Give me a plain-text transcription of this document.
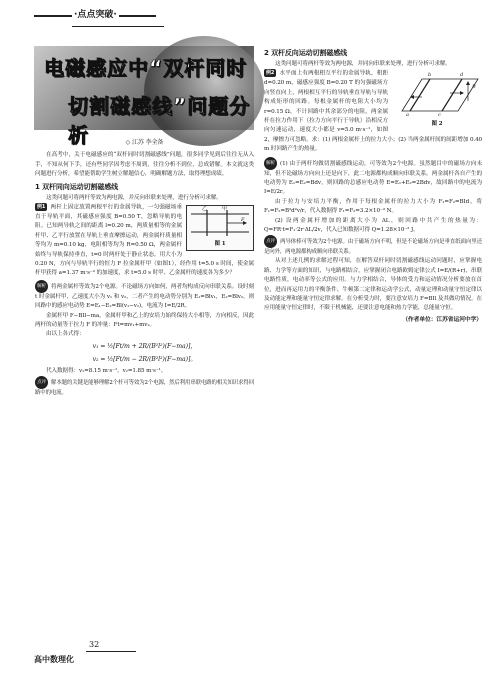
·点点突破·
电磁感应中“双杆同时
切割磁感线”问题分析	◇ 江苏 李全备

在高考中，关于电磁感应的“双杆同时切割磁感线”问题，很多同学见到后往往无从入手，不知从何下手，还有些同学因考虑不周到，往往分析不到位，总成错解。本文就这类问题进行分析，希望能帮助学生树立解题信心，明确解题方法，取得理想成绩。

1 双杆同向运动切割磁感线

这类问题可将两杆等效为两电源，并反向串联来处理，进行分析可求解。

乙	甲
F
图 1

例1 两杆上固定放置两根平行的金属导轨，一匀强磁场垂直于导轨平面，其磁感应强度 B=0.50 T，忽略导轨的电阻。已知两导轨之间的距离 l=0.20 m，两质量相等的金属杆甲、乙平行放置在导轨上垂直摩擦运动，两金属杆质量相等均为 m=0.10 kg，电阻相等均为 R=0.50 Ω，两金属杆始终与导轨保持垂直，t=0 时两杆处于静止状态。用大小为 0.20 N，方向与导轨平行的恒力 F 拉金属杆甲（如图1），经作用 t=5.0 s 时间，使金属杆甲获得 a=1.37 m·s⁻² 的加速度，求 t=5.0 s 时甲、乙金属杆的速度各为多少？

解析 将两金属杆等效为2个电源。不论磁场方向如何，两者均构成反向串联关系。设时刻 t 时金属杆甲、乙速度大小为 v₁ 和 v₂，二者产生的电动势分别为 E₁=Blv₁，E₂=Blv₂，则回路中的感应电动势 E=E₁−E₂=Bl(v₁−v₂)，电流为 I=E/2R。

金属杆甲 F−BIl−ma，金属杆甲和乙上的安培力始终保持大小相等，方向相反，因此两杆的动量等于拉力 F 的冲量：Ft=mv₁+mv₂。

由以上各式得：

v₁ = ½[Ft/m + 2R/(B²l²)(F−ma)]，
v₂ = ½[Ft/m − 2R/(B²l²)(F−ma)]。

代入数据得：v₁=8.15 m·s⁻¹，v₂=1.85 m·s⁻¹。

点评 解本题的关键是能够理解2个杆可等效为2个电源，然后利用串联电路的相关知识求得回路中的电流。

高中数理化
32
2 双杆反向运动切割磁感线

这类问题可将两杆等效为两电源，并同向串联来处理，进行分析可求解。

b	d
B
a	c
图 2

例2 水平面上有两根相互平行的金属导轨，相距 d=0.20 m，磁感应强度 B=0.20 T 的匀强磁场方向竖直向上，两根相互平行的导轨垂直导轨与导轨构成矩形的回路。每根金属杆的电阻大小均为 r=0.15 Ω，不计回路中其余部分的电阻，两金属杆在拉力作用下（拉力方向平行于导轨）沿相反方向匀速运动，速度大小都是 v=5.0 m·s⁻¹，如图2，摩擦力可忽略。求：(1) 两根金属杆上的拉力大小；(2) 当两金属杆间的间距增加 0.40 m 时回路产生的热量。

解析 (1) 由于两杆均做切割磁感线运动，可等效为2个电源。虽然题目中的磁场方向未知，但不论磁场方向向上还是向下，此二电源都构成顺向串联关系。两金属杆各自产生的电动势为 E₁=E₂=Bdv，则回路的总感应电动势 E=E₁+E₂=2Bdv，故回路中的电流为 I=E/2r。

由于拉力与安培力平衡，作用于每根金属杆的拉力大小为 F₁=F₂=BId，将 F₁=F₂=B²d²v/r，代入数据得 F₁=F₂=3.2×10⁻² N。

(2) 设两金属杆增加的距离大小为 ΔL，则回路中共产生的热量为：Q=FR·t=F₁·2r·ΔL/2v，代入已知数据可得 Q=1.28×10⁻² J。

点评 两导体棒可等效为2个电源。由于磁场方向不明，但是不论磁场方向是垂直纸面向里还是向外，两电源都构成顺向串联关系。

从对上述几例的求解过程可知，在解答双杆同时切割磁感线运动问题时，应掌握电路、力学等方面的知识，与电路相结合，应掌握闭合电路欧姆定律公式 I=E/(R+r)，串联电路性质，电动率等公式的应用。与力学相结合，导体的受力和运动情况分析要放在首位，进而再运用力的平衡条件、牛顿第二定律和运动学公式，动量定理和动量守恒定律以及动能定理和能量守恒定律求解。在分析受力时，要注意安培力 F=BIl 及其做功情况。在应用能量守恒定律时，不限于机械能，还要注意电能和热力学能，总能量守恒。

（作者单位：江苏省运河中学）
